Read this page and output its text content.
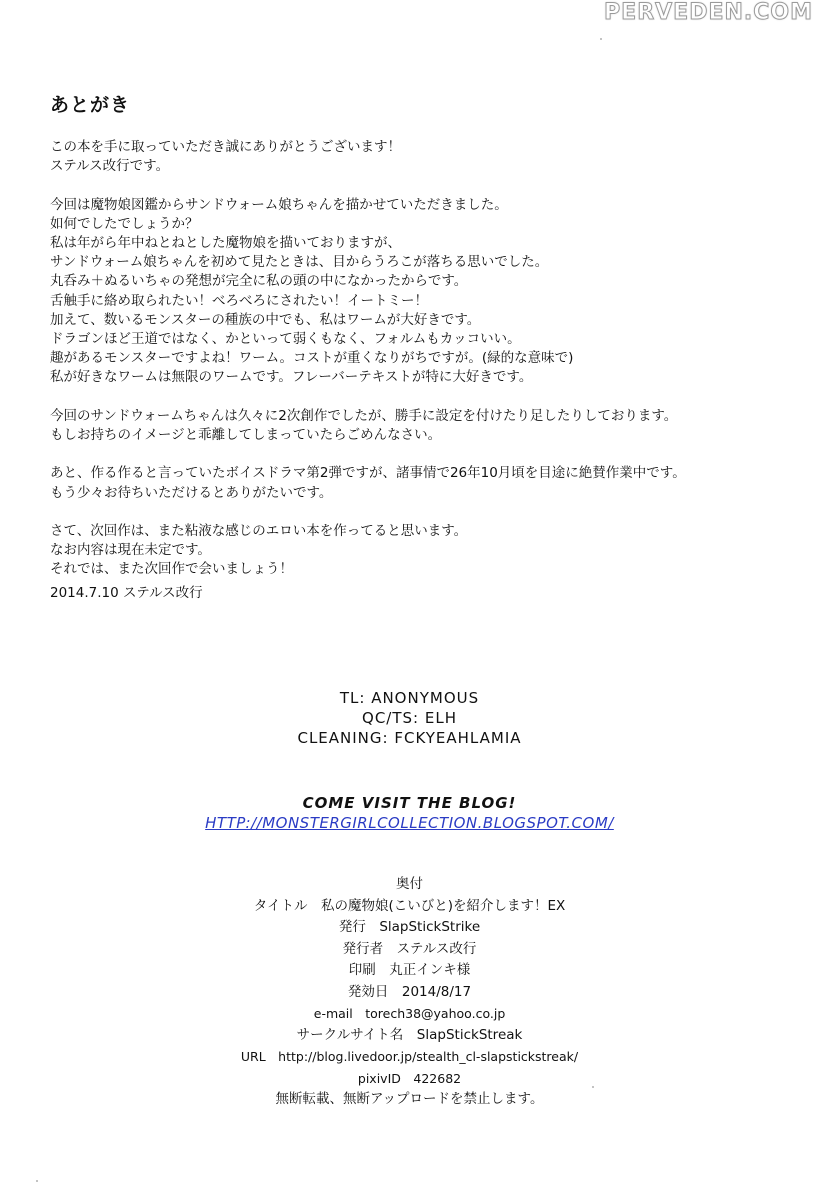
PERVEDEN.COM
あとがき

この本を手に取っていただき誠にありがとうございます！
ステルス改行です。

今回は魔物娘図鑑からサンドウォーム娘ちゃんを描かせていただきました。
如何でしたでしょうか？
私は年がら年中ねとねとした魔物娘を描いておりますが、
サンドウォーム娘ちゃんを初めて見たときは、目からうろこが落ちる思いでした。
丸呑み＋ぬるいちゃの発想が完全に私の頭の中になかったからです。
舌触手に絡め取られたい！べろべろにされたい！イートミー！
加えて、数いるモンスターの種族の中でも、私はワームが大好きです。
ドラゴンほど王道ではなく、かといって弱くもなく、フォルムもカッコいい。
趣があるモンスターですよね！ワーム。コストが重くなりがちですが。(緑的な意味で)
私が好きなワームは無限のワームです。フレーバーテキストが特に大好きです。

今回のサンドウォームちゃんは久々に2次創作でしたが、勝手に設定を付けたり足したりしております。
もしお持ちのイメージと乖離してしまっていたらごめんなさい。

あと、作る作ると言っていたボイスドラマ第2弾ですが、諸事情で26年10月頃を目途に絶賛作業中です。
もう少々お待ちいただけるとありがたいです。

さて、次回作は、また粘液な感じのエロい本を作ってると思います。
なお内容は現在未定です。
それでは、また次回作で会いましょう！

2014.7.10 ステルス改行
TL: ANONYMOUS
QC/TS: ELH
CLEANING: FCKYEAHLAMIA
COME VISIT THE BLOG!
HTTP://MONSTERGIRLCOLLECTION.BLOGSPOT.COM/
奥付
タイトル　私の魔物娘(こいびと)を紹介します！EX
発行　SlapStickStrike
発行者　ステルス改行
印刷　丸正インキ様
発効日　2014/8/17
e-mail　torech38@yahoo.co.jp
サークルサイト名　SlapStickStreak
URL　http://blog.livedoor.jp/stealth_cl-slapstickstreak/
pixivID　422682
無断転載、無断アップロードを禁止します。
